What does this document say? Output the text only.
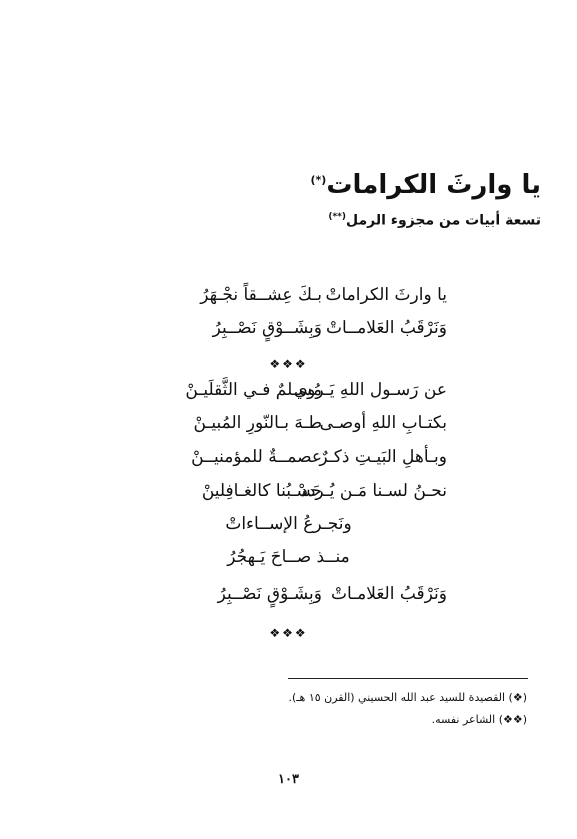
يا وارثَ الكرامات(*)
تسعة أبيات من مجزوء الرمل(**)
يا وارثَ الكراماتْ
بـكَ عِشــقاً نجْـهَرُ
وَنَرْقَبُ العَلامــاتْ
وَبِشَــوْقٍ نَصْــبِرُ
❖❖❖
عن رَسـول اللهِ يَـروي
مُسـلمٌ فـي الثَّقلَيـنْ
بكتـابِ اللهِ أوصـى
طـهَ بـالنّورِ المُبيـنْ
وبـأهلِ البَيـتِ ذكـرٌ
عصمــةٌ للمؤمنيــنْ
نحـنُ لسـنا مَـن يُـردد
حَسْـبُنا كالغـافِلينْ
ونَجـرعُ الإســاءاتْ
منــذ صــاحَ يَـهجُرُ
وَنَرْقَبُ العَلامـاتْ
وَبِشَـوْقٍ نَصْــبِرُ
❖❖❖
(❖) القصيدة للسيد عبد الله الحسيني (القرن ١٥ هـ).
(❖❖) الشاعر نفسه.
١٠٣
